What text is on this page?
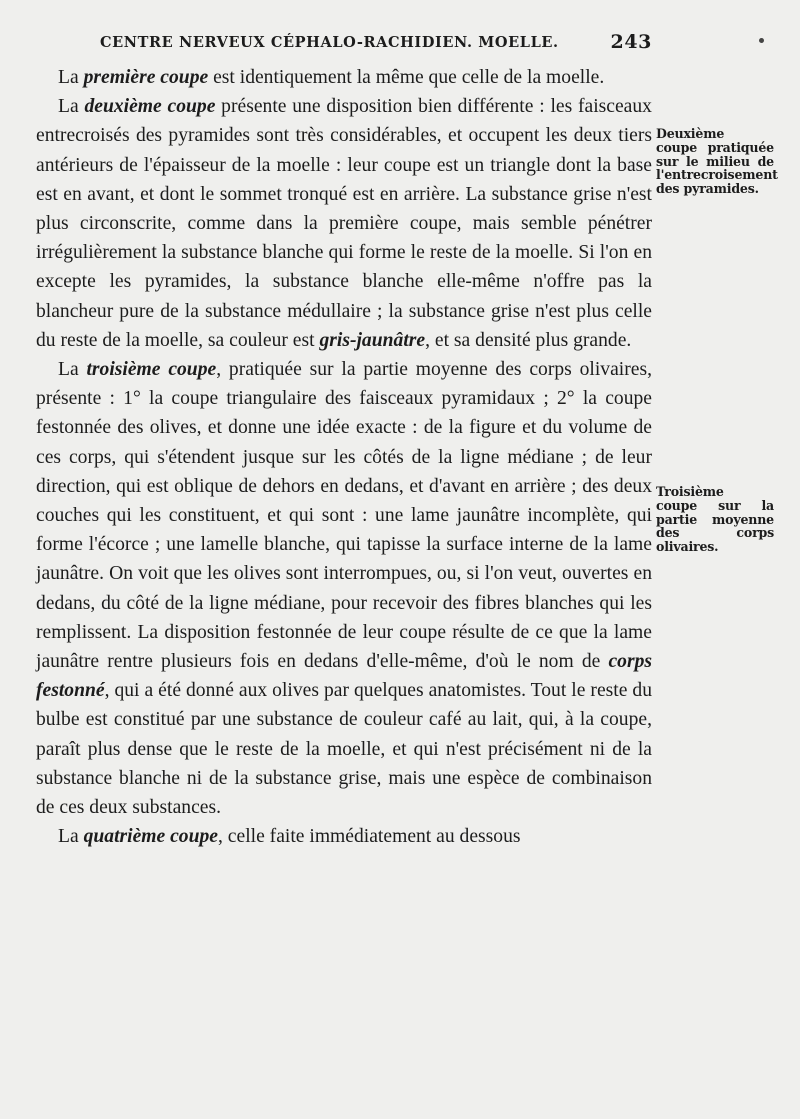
CENTRE NERVEUX CÉPHALO-RACHIDIEN. MOELLE.	243

La première coupe est identiquement la même que celle de la moelle.

La deuxième coupe présente une disposition bien différente : les faisceaux entrecroisés des pyramides sont très considérables, et occupent les deux tiers antérieurs de l'épaisseur de la moelle : leur coupe est un triangle dont la base est en avant, et dont le sommet tronqué est en arrière. La substance grise n'est plus circonscrite, comme dans la première coupe, mais semble pénétrer irrégulièrement la substance blanche qui forme le reste de la moelle. Si l'on en excepte les pyramides, la substance blanche elle-même n'offre pas la blancheur pure de la substance médullaire ; la substance grise n'est plus celle du reste de la moelle, sa couleur est gris-jaunâtre, et sa densité plus grande.

La troisième coupe, pratiquée sur la partie moyenne des corps olivaires, présente : 1° la coupe triangulaire des faisceaux pyramidaux ; 2° la coupe festonnée des olives, et donne une idée exacte : de la figure et du volume de ces corps, qui s'étendent jusque sur les côtés de la ligne médiane ; de leur direction, qui est oblique de dehors en dedans, et d'avant en arrière ; des deux couches qui les constituent, et qui sont : une lame jaunâtre incomplète, qui forme l'écorce ; une lamelle blanche, qui tapisse la surface interne de la lame jaunâtre. On voit que les olives sont interrompues, ou, si l'on veut, ouvertes en dedans, du côté de la ligne médiane, pour recevoir des fibres blanches qui les remplissent. La disposition festonnée de leur coupe résulte de ce que la lame jaunâtre rentre plusieurs fois en dedans d'elle-même, d'où le nom de corps festonné, qui a été donné aux olives par quelques anatomistes. Tout le reste du bulbe est constitué par une substance de couleur café au lait, qui, à la coupe, paraît plus dense que le reste de la moelle, et qui n'est précisément ni de la substance blanche ni de la substance grise, mais une espèce de combinaison de ces deux substances.

La quatrième coupe, celle faite immédiatement au dessous

Deuxième
coupe pratiquée sur le milieu de l'entrecroisement des pyramides.
Troisième
coupe sur la partie moyenne des corps olivaires.
